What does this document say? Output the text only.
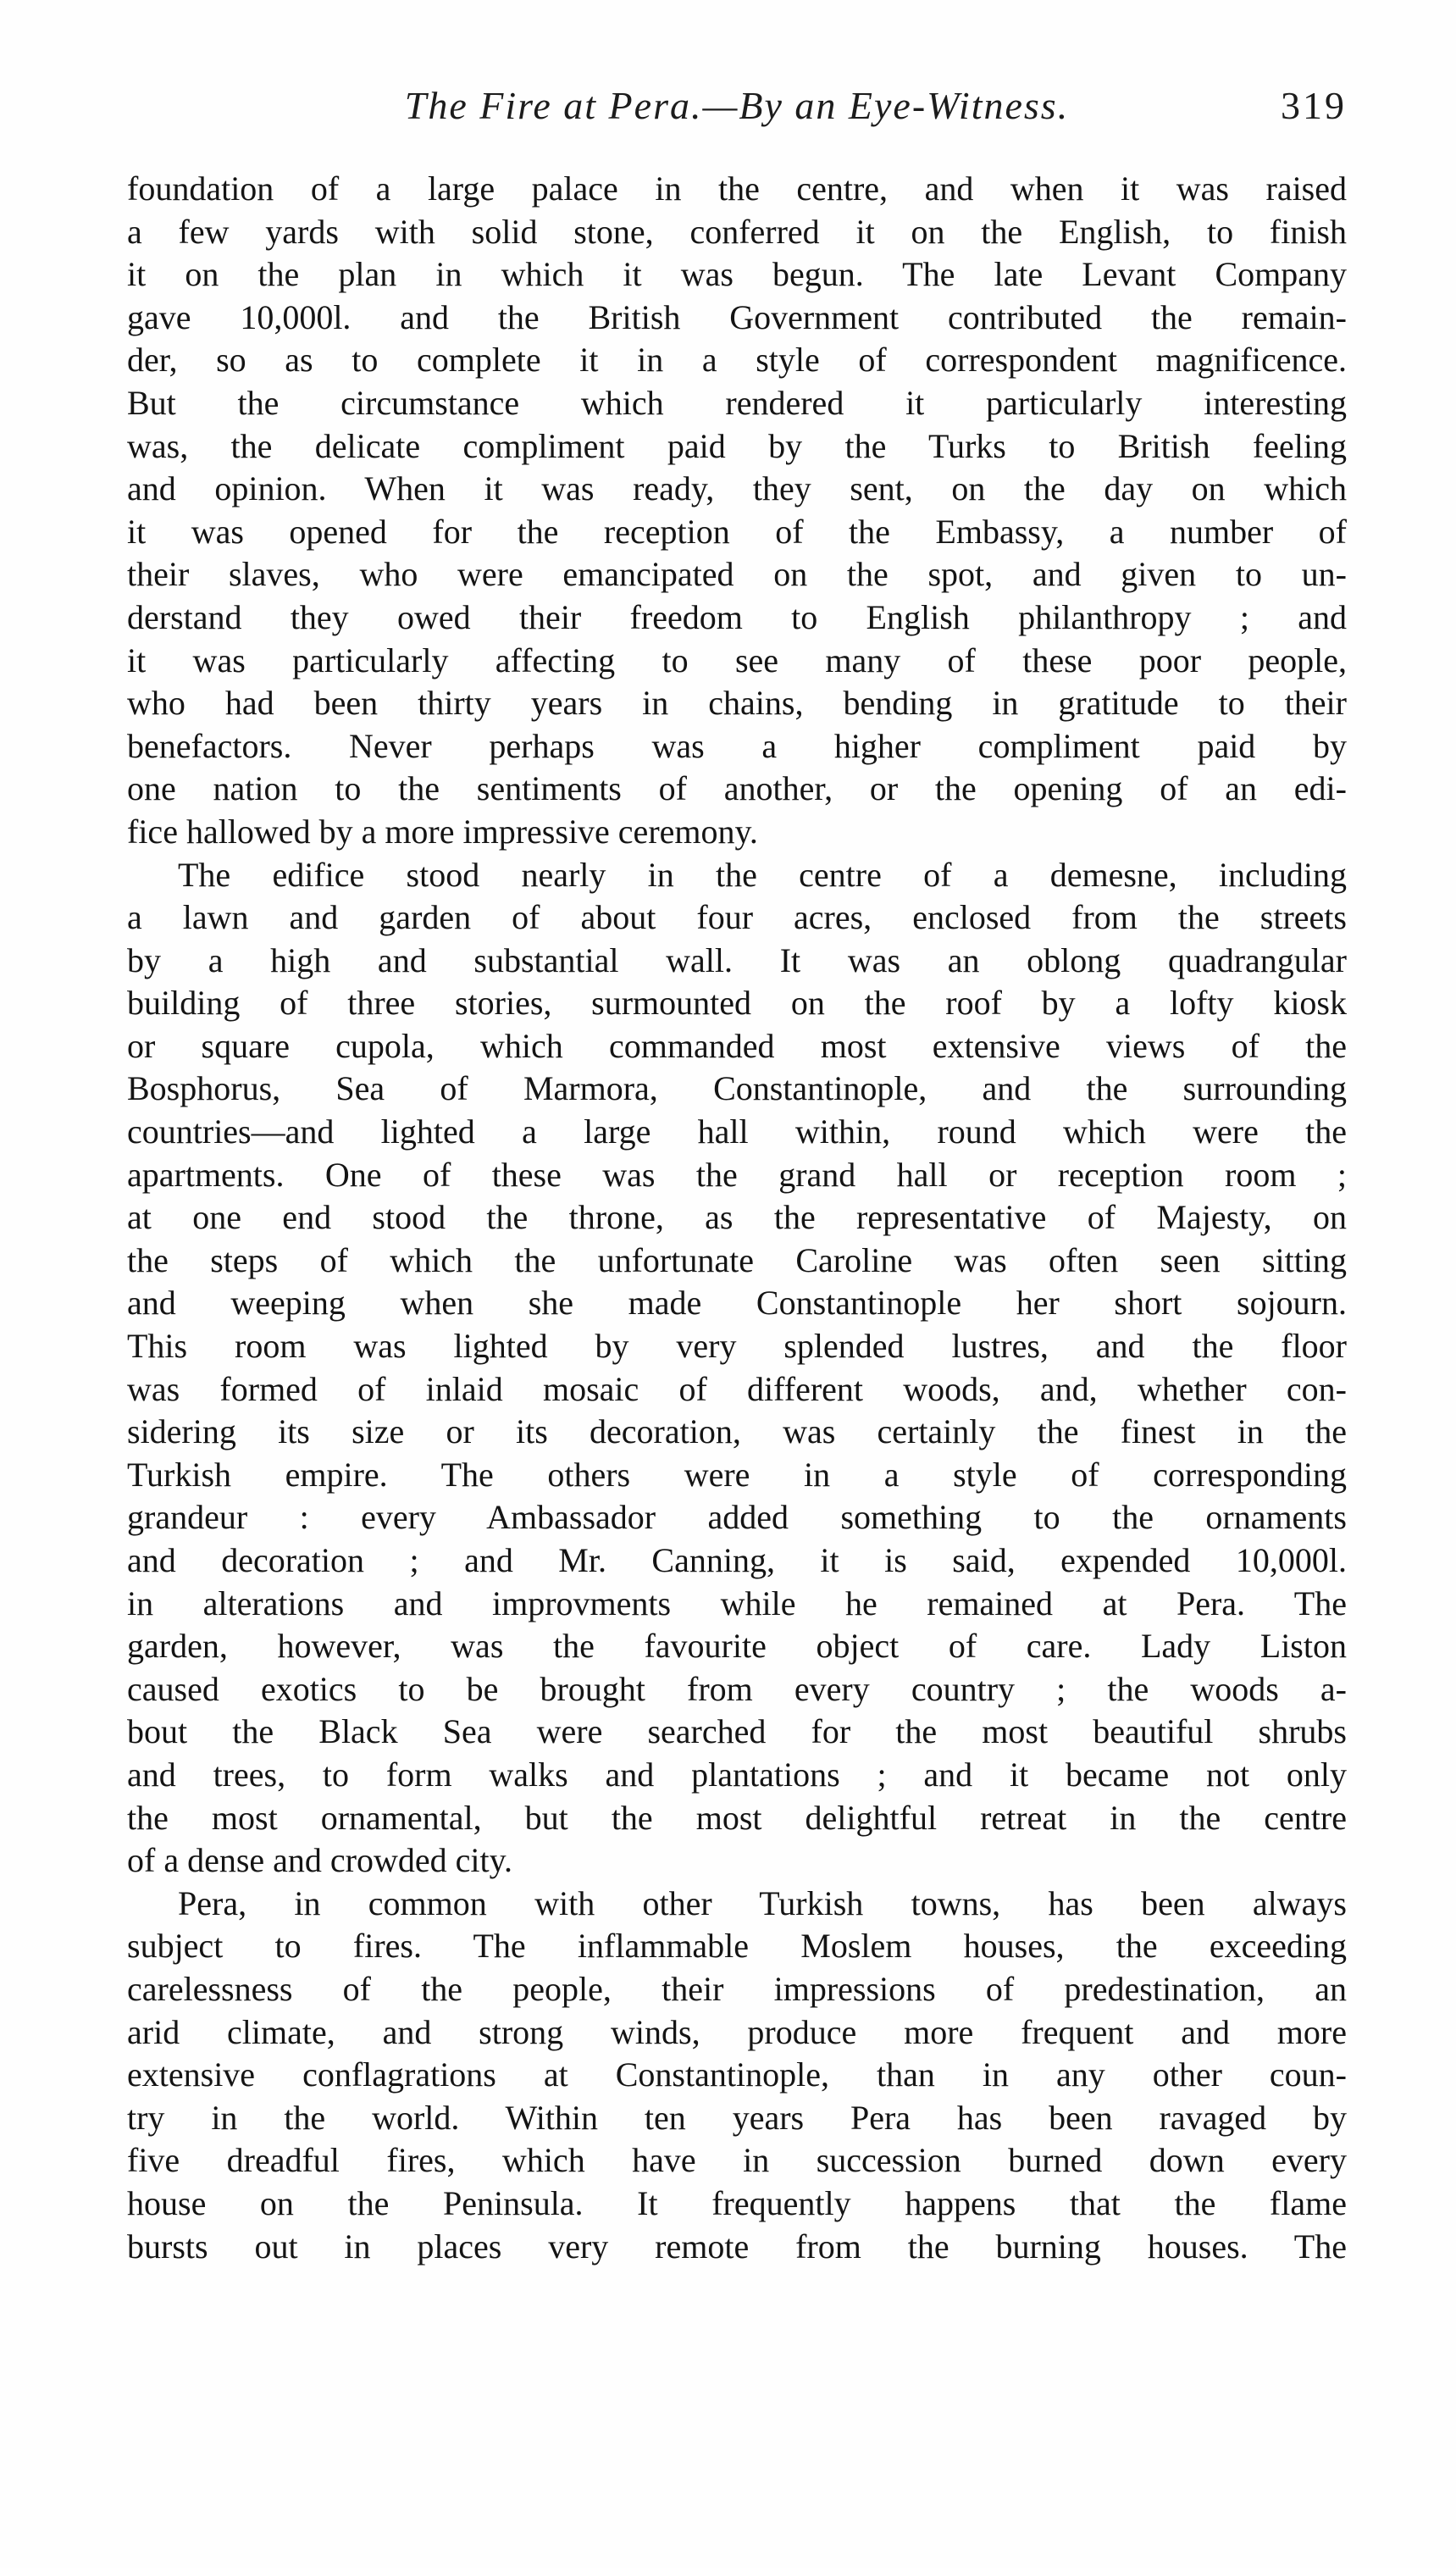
The Fire at Pera.—By an Eye-Witness.	319

foundation of a large palace in the centre, and when it was raised
a few yards with solid stone, conferred it on the English, to finish
it on the plan in which it was begun. The late Levant Company
gave 10,000l. and the British Government contributed the remain-
der, so as to complete it in a style of correspondent magnificence.
But the circumstance which rendered it particularly interesting
was, the delicate compliment paid by the Turks to British feeling
and opinion. When it was ready, they sent, on the day on which
it was opened for the reception of the Embassy, a number of
their slaves, who were emancipated on the spot, and given to un-
derstand they owed their freedom to English philanthropy ; and
it was particularly affecting to see many of these poor people,
who had been thirty years in chains, bending in gratitude to their
benefactors. Never perhaps was a higher compliment paid by
one nation to the sentiments of another, or the opening of an edi-
fice hallowed by a more impressive ceremony.

The edifice stood nearly in the centre of a demesne, including
a lawn and garden of about four acres, enclosed from the streets
by a high and substantial wall. It was an oblong quadrangular
building of three stories, surmounted on the roof by a lofty kiosk
or square cupola, which commanded most extensive views of the
Bosphorus, Sea of Marmora, Constantinople, and the surrounding
countries—and lighted a large hall within, round which were the
apartments. One of these was the grand hall or reception room ;
at one end stood the throne, as the representative of Majesty, on
the steps of which the unfortunate Caroline was often seen sitting
and weeping when she made Constantinople her short sojourn.
This room was lighted by very splended lustres, and the floor
was formed of inlaid mosaic of different woods, and, whether con-
sidering its size or its decoration, was certainly the finest in the
Turkish empire. The others were in a style of corresponding
grandeur : every Ambassador added something to the ornaments
and decoration ; and Mr. Canning, it is said, expended 10,000l.
in alterations and improvments while he remained at Pera. The
garden, however, was the favourite object of care. Lady Liston
caused exotics to be brought from every country ; the woods a-
bout the Black Sea were searched for the most beautiful shrubs
and trees, to form walks and plantations ; and it became not only
the most ornamental, but the most delightful retreat in the centre
of a dense and crowded city.

Pera, in common with other Turkish towns, has been always
subject to fires. The inflammable Moslem houses, the exceeding
carelessness of the people, their impressions of predestination, an
arid climate, and strong winds, produce more frequent and more
extensive conflagrations at Constantinople, than in any other coun-
try in the world. Within ten years Pera has been ravaged by
five dreadful fires, which have in succession burned down every
house on the Peninsula. It frequently happens that the flame
bursts out in places very remote from the burning houses. The
